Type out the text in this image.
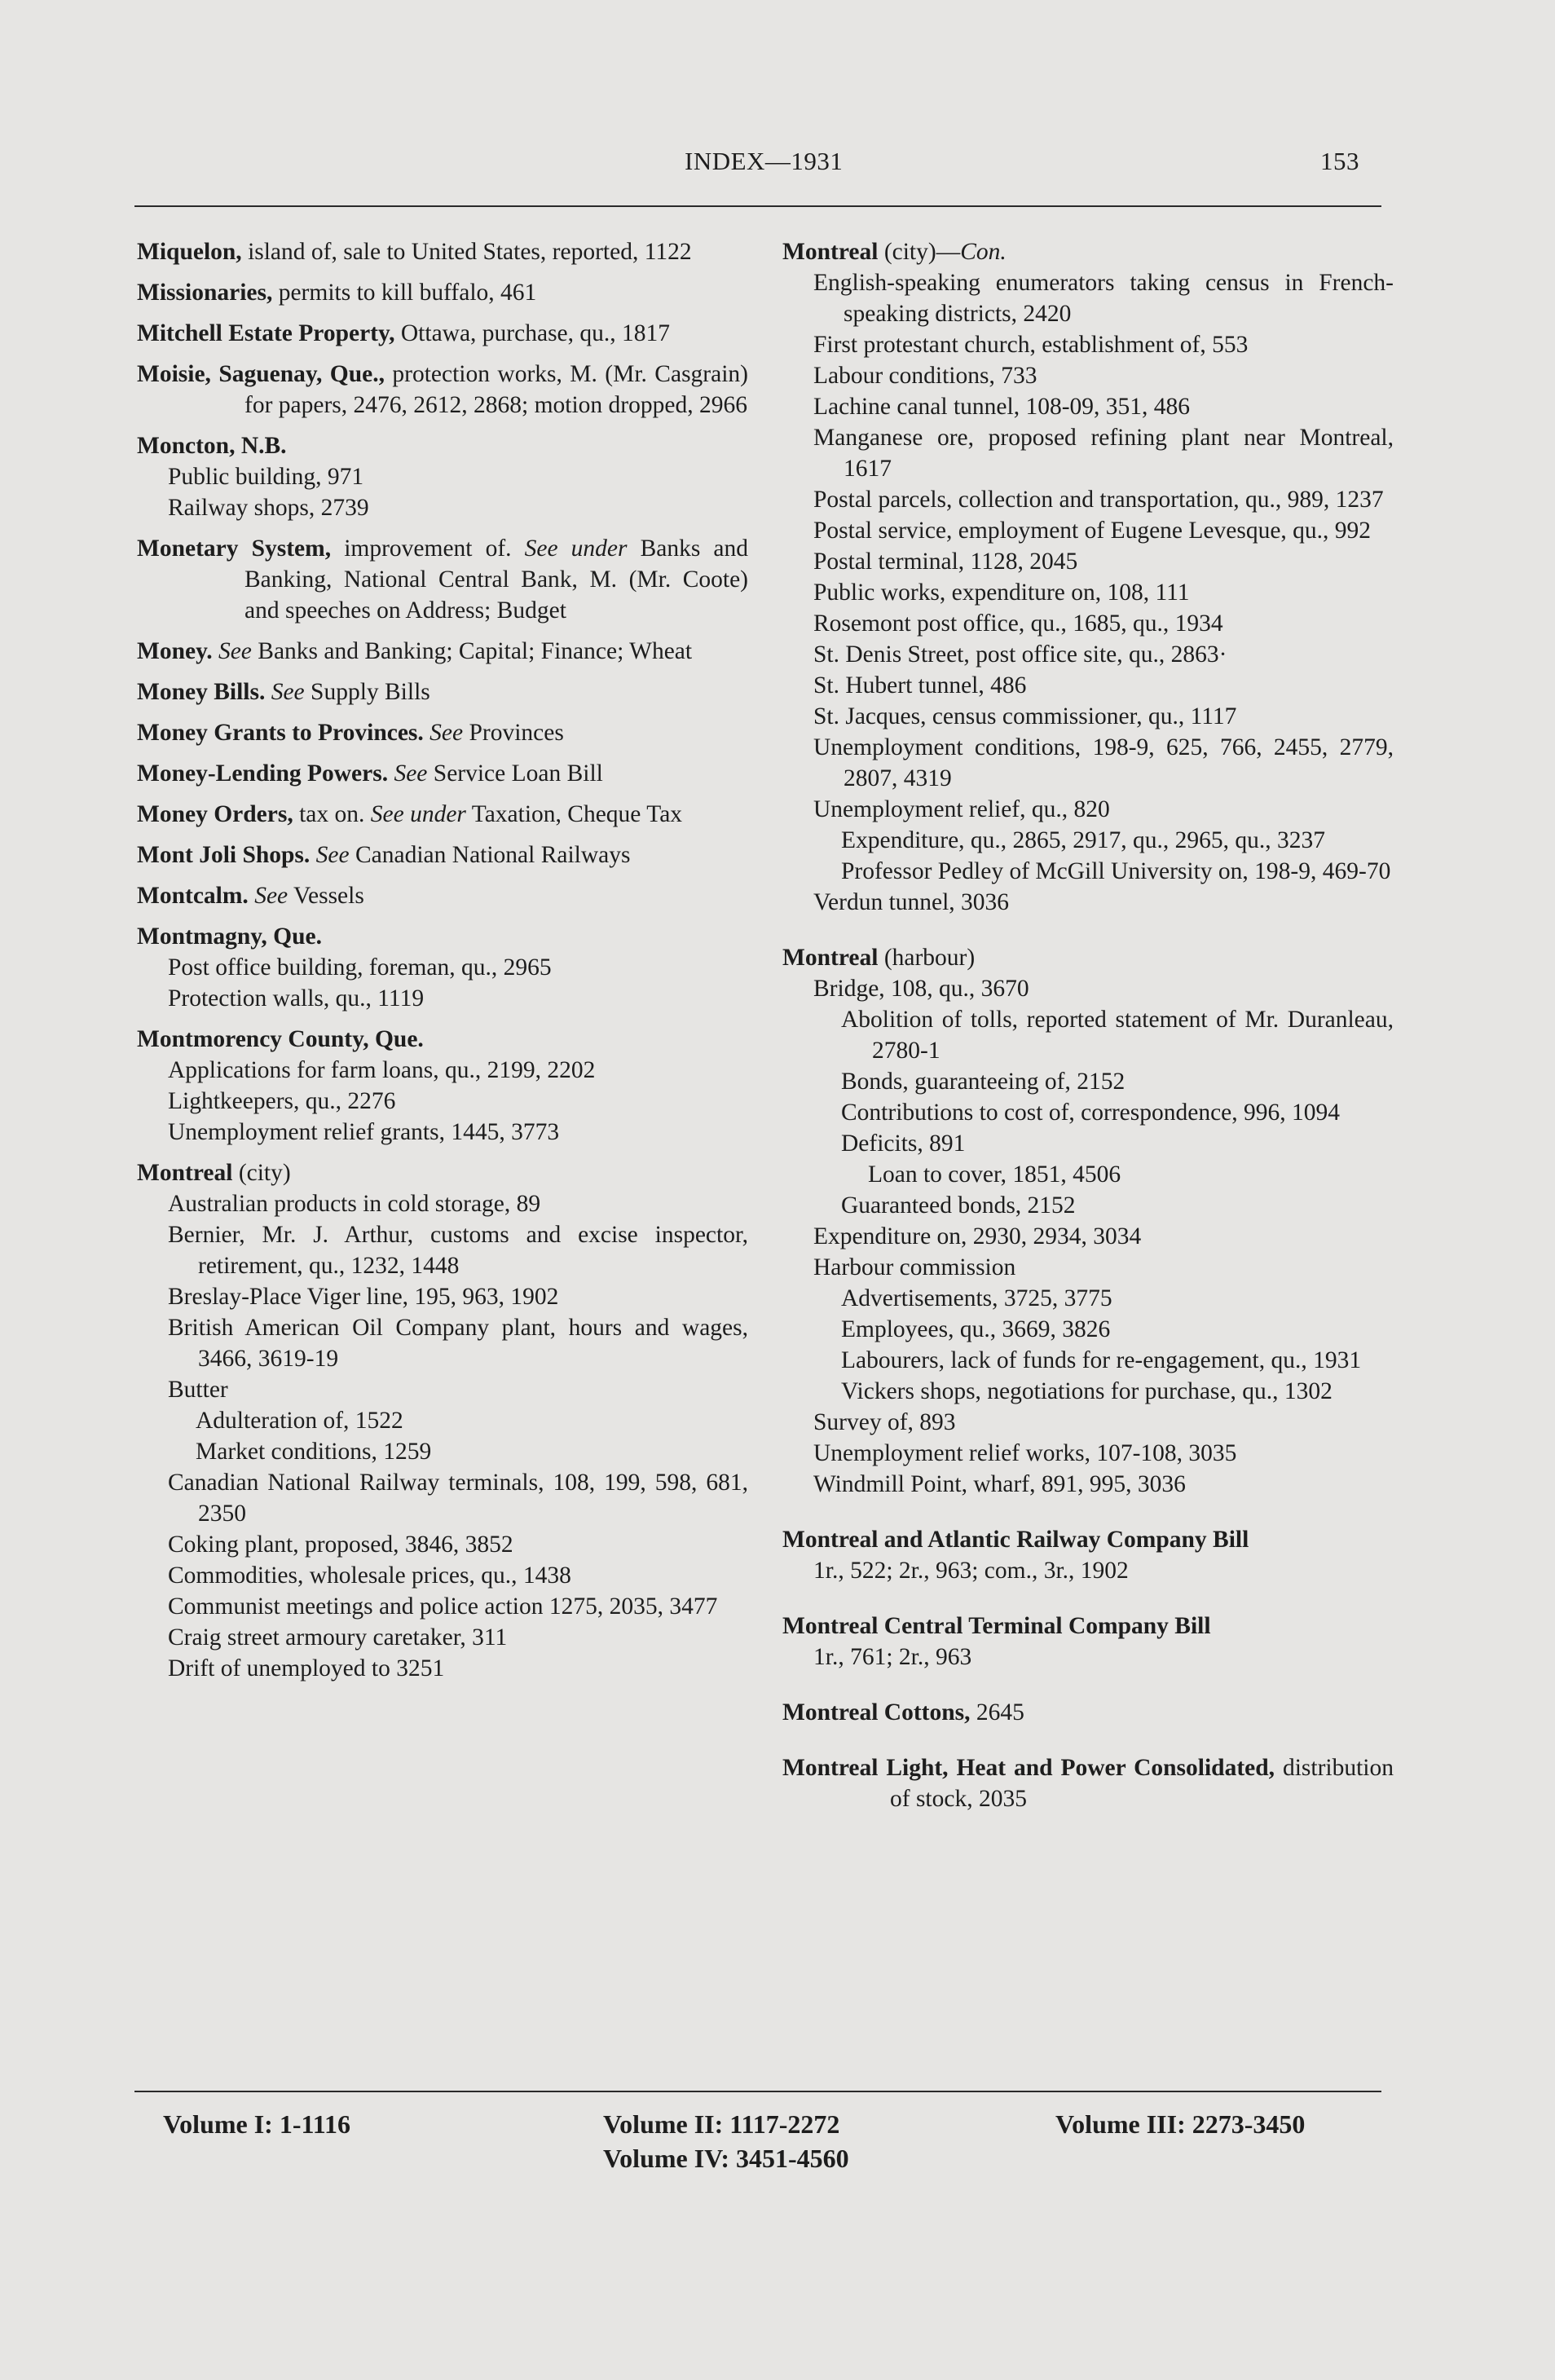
INDEX—1931	153
Miquelon, island of, sale to United States, reported, 1122
Missionaries, permits to kill buffalo, 461
Mitchell Estate Property, Ottawa, purchase, qu., 1817
Moisie, Saguenay, Que., protection works, M. (Mr. Casgrain) for papers, 2476, 2612, 2868; motion dropped, 2966
Moncton, N.B.
Public building, 971
Railway shops, 2739
Monetary System, improvement of. See under Banks and Banking, National Central Bank, M. (Mr. Coote) and speeches on Address; Budget
Money. See Banks and Banking; Capital; Finance; Wheat
Money Bills. See Supply Bills
Money Grants to Provinces. See Provinces
Money-Lending Powers. See Service Loan Bill
Money Orders, tax on. See under Taxation, Cheque Tax
Mont Joli Shops. See Canadian National Railways
Montcalm. See Vessels
Montmagny, Que.
Post office building, foreman, qu., 2965
Protection walls, qu., 1119
Montmorency County, Que.
Applications for farm loans, qu., 2199, 2202
Lightkeepers, qu., 2276
Unemployment relief grants, 1445, 3773
Montreal (city)
Australian products in cold storage, 89
Bernier, Mr. J. Arthur, customs and excise inspector, retirement, qu., 1232, 1448
Breslay-Place Viger line, 195, 963, 1902
British American Oil Company plant, hours and wages, 3466, 3619-19
Butter
Adulteration of, 1522
Market conditions, 1259
Canadian National Railway terminals, 108, 199, 598, 681, 2350
Coking plant, proposed, 3846, 3852
Commodities, wholesale prices, qu., 1438
Communist meetings and police action 1275, 2035, 3477
Craig street armoury caretaker, 311
Drift of unemployed to 3251
Montreal (city)—Con.
English-speaking enumerators taking census in French-speaking districts, 2420
First protestant church, establishment of, 553
Labour conditions, 733
Lachine canal tunnel, 108-09, 351, 486
Manganese ore, proposed refining plant near Montreal, 1617
Postal parcels, collection and transportation, qu., 989, 1237
Postal service, employment of Eugene Levesque, qu., 992
Postal terminal, 1128, 2045
Public works, expenditure on, 108, 111
Rosemont post office, qu., 1685, qu., 1934
St. Denis Street, post office site, qu., 2863·
St. Hubert tunnel, 486
St. Jacques, census commissioner, qu., 1117
Unemployment conditions, 198-9, 625, 766, 2455, 2779, 2807, 4319
Unemployment relief, qu., 820
Expenditure, qu., 2865, 2917, qu., 2965, qu., 3237
Professor Pedley of McGill University on, 198-9, 469-70
Verdun tunnel, 3036
Montreal (harbour)
Bridge, 108, qu., 3670
Abolition of tolls, reported statement of Mr. Duranleau, 2780-1
Bonds, guaranteeing of, 2152
Contributions to cost of, correspondence, 996, 1094
Deficits, 891
Loan to cover, 1851, 4506
Guaranteed bonds, 2152
Expenditure on, 2930, 2934, 3034
Harbour commission
Advertisements, 3725, 3775
Employees, qu., 3669, 3826
Labourers, lack of funds for re-engagement, qu., 1931
Vickers shops, negotiations for purchase, qu., 1302
Survey of, 893
Unemployment relief works, 107-108, 3035
Windmill Point, wharf, 891, 995, 3036
Montreal and Atlantic Railway Company Bill
1r., 522; 2r., 963; com., 3r., 1902
Montreal Central Terminal Company Bill
1r., 761; 2r., 963
Montreal Cottons, 2645
Montreal Light, Heat and Power Consolidated, distribution of stock, 2035
Volume I: 1-1116	Volume II: 1117-2272
Volume IV: 3451-4560
Volume III: 2273-3450
